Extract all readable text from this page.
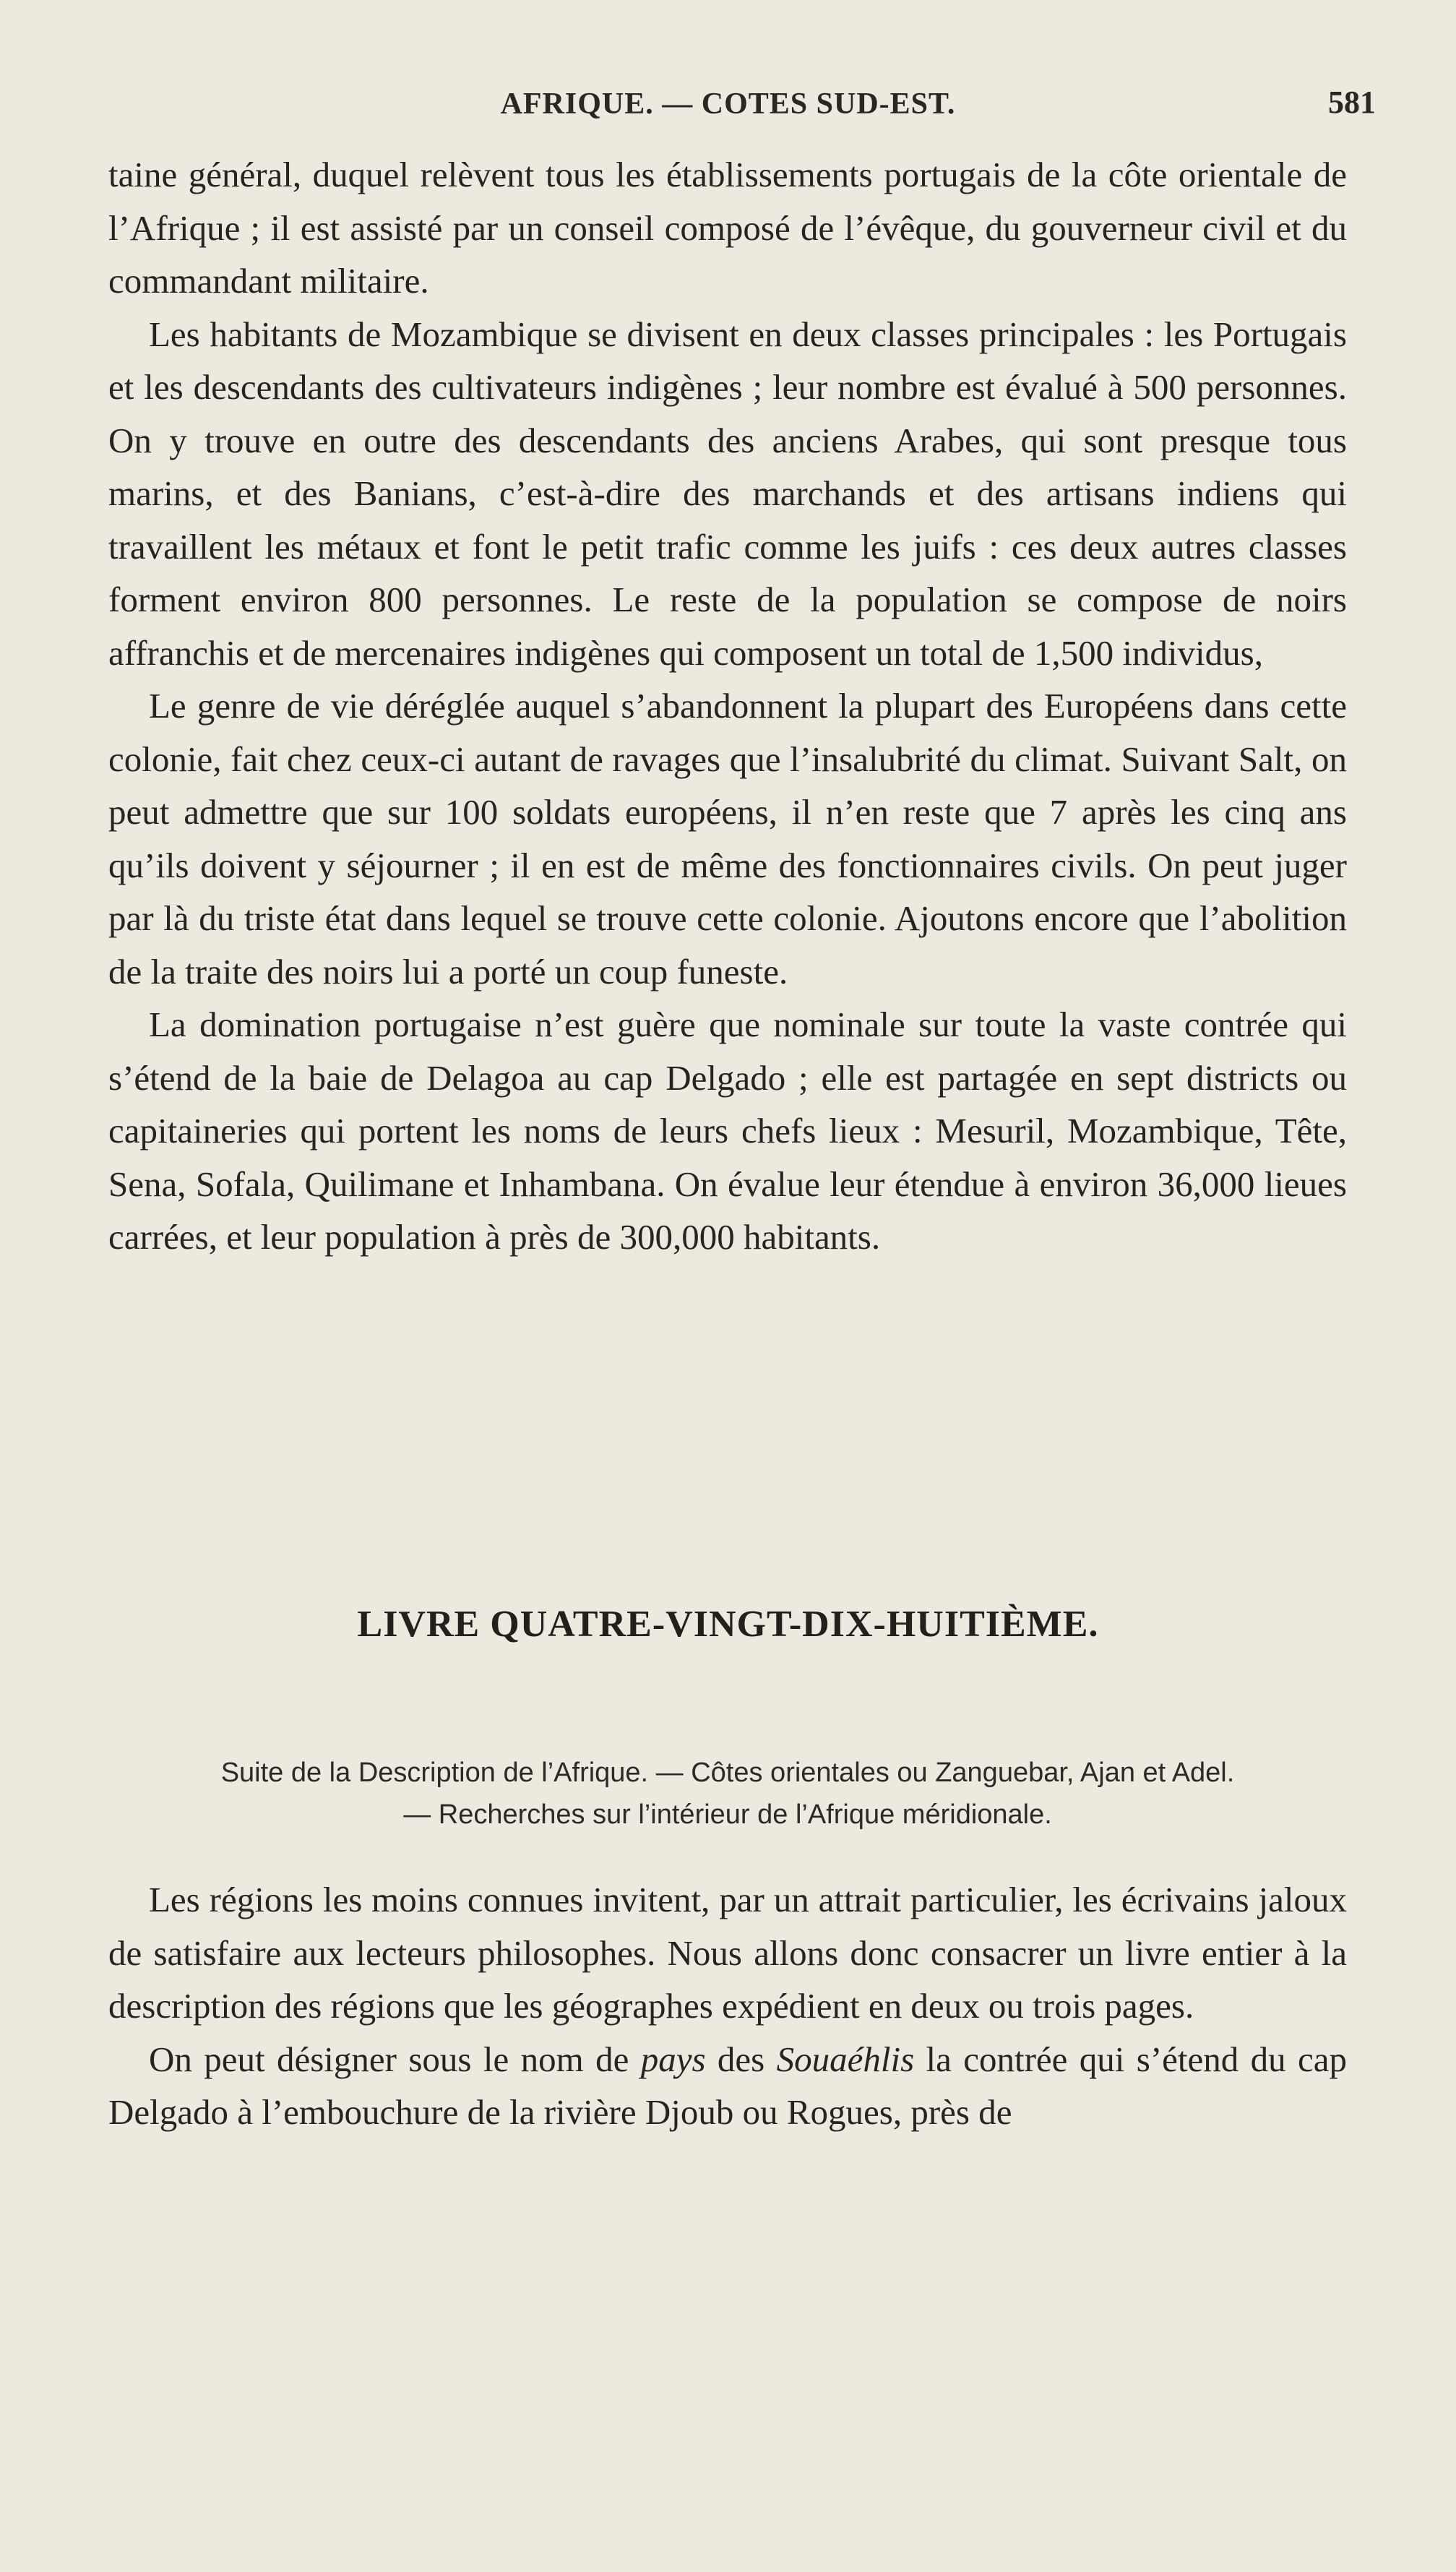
AFRIQUE. — COTES SUD-EST.	581

taine général, duquel relèvent tous les établissements portugais de la côte orientale de l’Afrique ; il est assisté par un conseil composé de l’évêque, du gouverneur civil et du commandant militaire.

Les habitants de Mozambique se divisent en deux classes principales : les Portugais et les descendants des cultivateurs indigènes ; leur nombre est évalué à 500 personnes. On y trouve en outre des descendants des anciens Arabes, qui sont presque tous marins, et des Banians, c’est-à-dire des marchands et des artisans indiens qui travaillent les métaux et font le petit trafic comme les juifs : ces deux autres classes forment environ 800 personnes. Le reste de la population se compose de noirs affranchis et de mercenaires indigènes qui composent un total de 1,500 individus,

Le genre de vie déréglée auquel s’abandonnent la plupart des Européens dans cette colonie, fait chez ceux-ci autant de ravages que l’insalubrité du climat. Suivant Salt, on peut admettre que sur 100 soldats européens, il n’en reste que 7 après les cinq ans qu’ils doivent y séjourner ; il en est de même des fonctionnaires civils. On peut juger par là du triste état dans lequel se trouve cette colonie. Ajoutons encore que l’abolition de la traite des noirs lui a porté un coup funeste.

La domination portugaise n’est guère que nominale sur toute la vaste contrée qui s’étend de la baie de Delagoa au cap Delgado ; elle est partagée en sept districts ou capitaineries qui portent les noms de leurs chefs lieux : Mesuril, Mozambique, Tête, Sena, Sofala, Quilimane et Inhambana. On évalue leur étendue à environ 36,000 lieues carrées, et leur population à près de 300,000 habitants.

LIVRE QUATRE-VINGT-DIX-HUITIÈME.
Suite de la Description de l’Afrique. — Côtes orientales ou Zanguebar, Ajan et Adel.
— Recherches sur l’intérieur de l’Afrique méridionale.

Les régions les moins connues invitent, par un attrait particulier, les écrivains jaloux de satisfaire aux lecteurs philosophes. Nous allons donc consacrer un livre entier à la description des régions que les géographes expédient en deux ou trois pages.

On peut désigner sous le nom de pays des Souaéhlis la contrée qui s’étend du cap Delgado à l’embouchure de la rivière Djoub ou Rogues, près de
